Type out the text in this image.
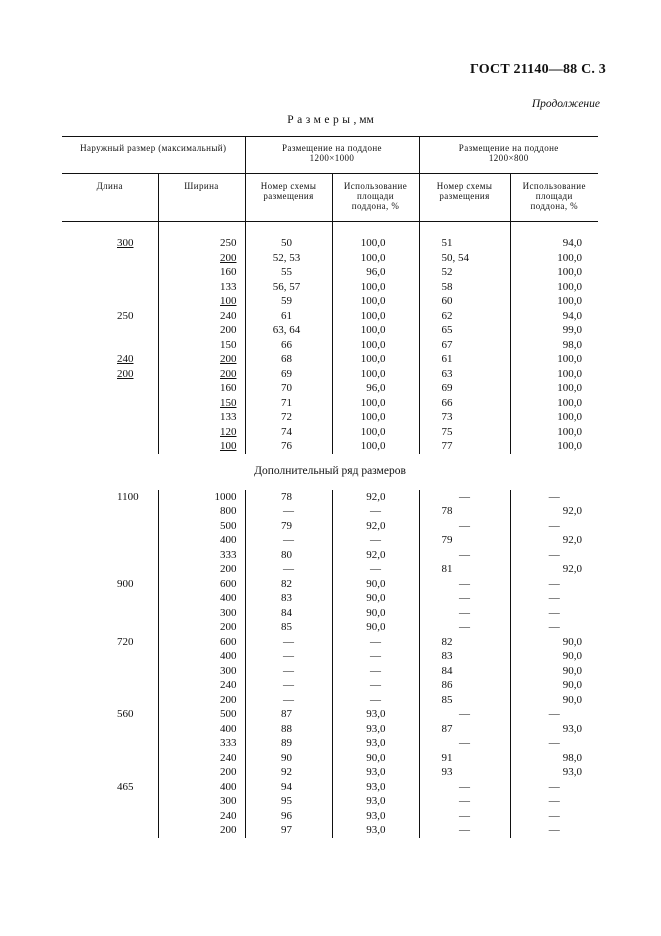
ГОСТ 21140—88 С. 3
Продолжение
Размеры, мм
Наружный размер (максимальный)		Размещение на поддоне 1200×1000		Размещение на поддоне 1200×800	
Длина	Ширина	Номер схемы размещения	Использование площади поддона, %	Номер схемы размещения	Использование площади поддона, %

300	250	50	100,0	51	94,0
	200	52, 53	100,0	50, 54	100,0
	160	55	96,0	52	100,0
	133	56, 57	100,0	58	100,0
	100	59	100,0	60	100,0
250	240	61	100,0	62	94,0
	200	63, 64	100,0	65	99,0
	150	66	100,0	67	98,0
240	200	68	100,0	61	100,0
200	200	69	100,0	63	100,0
	160	70	96,0	69	100,0
	150	71	100,0	66	100,0
	133	72	100,0	73	100,0
	120	74	100,0	75	100,0
	100	76	100,0	77	100,0
Дополнительный ряд размеров					
1100	1000	78	92,0	—	—
	800	—	—	78	92,0
	500	79	92,0	—	—
	400	—	—	79	92,0
	333	80	92,0	—	—
	200	—	—	81	92,0
900	600	82	90,0	—	—
	400	83	90,0	—	—
	300	84	90,0	—	—
	200	85	90,0	—	—
720	600	—	—	82	90,0
	400	—	—	83	90,0
	300	—	—	84	90,0
	240	—	—	86	90,0
	200	—	—	85	90,0
560	500	87	93,0	—	—
	400	88	93,0	87	93,0
	333	89	93,0	—	—
	240	90	90,0	91	98,0
	200	92	93,0	93	93,0
465	400	94	93,0	—	—
	300	95	93,0	—	—
	240	96	93,0	—	—
	200	97	93,0	—	—
